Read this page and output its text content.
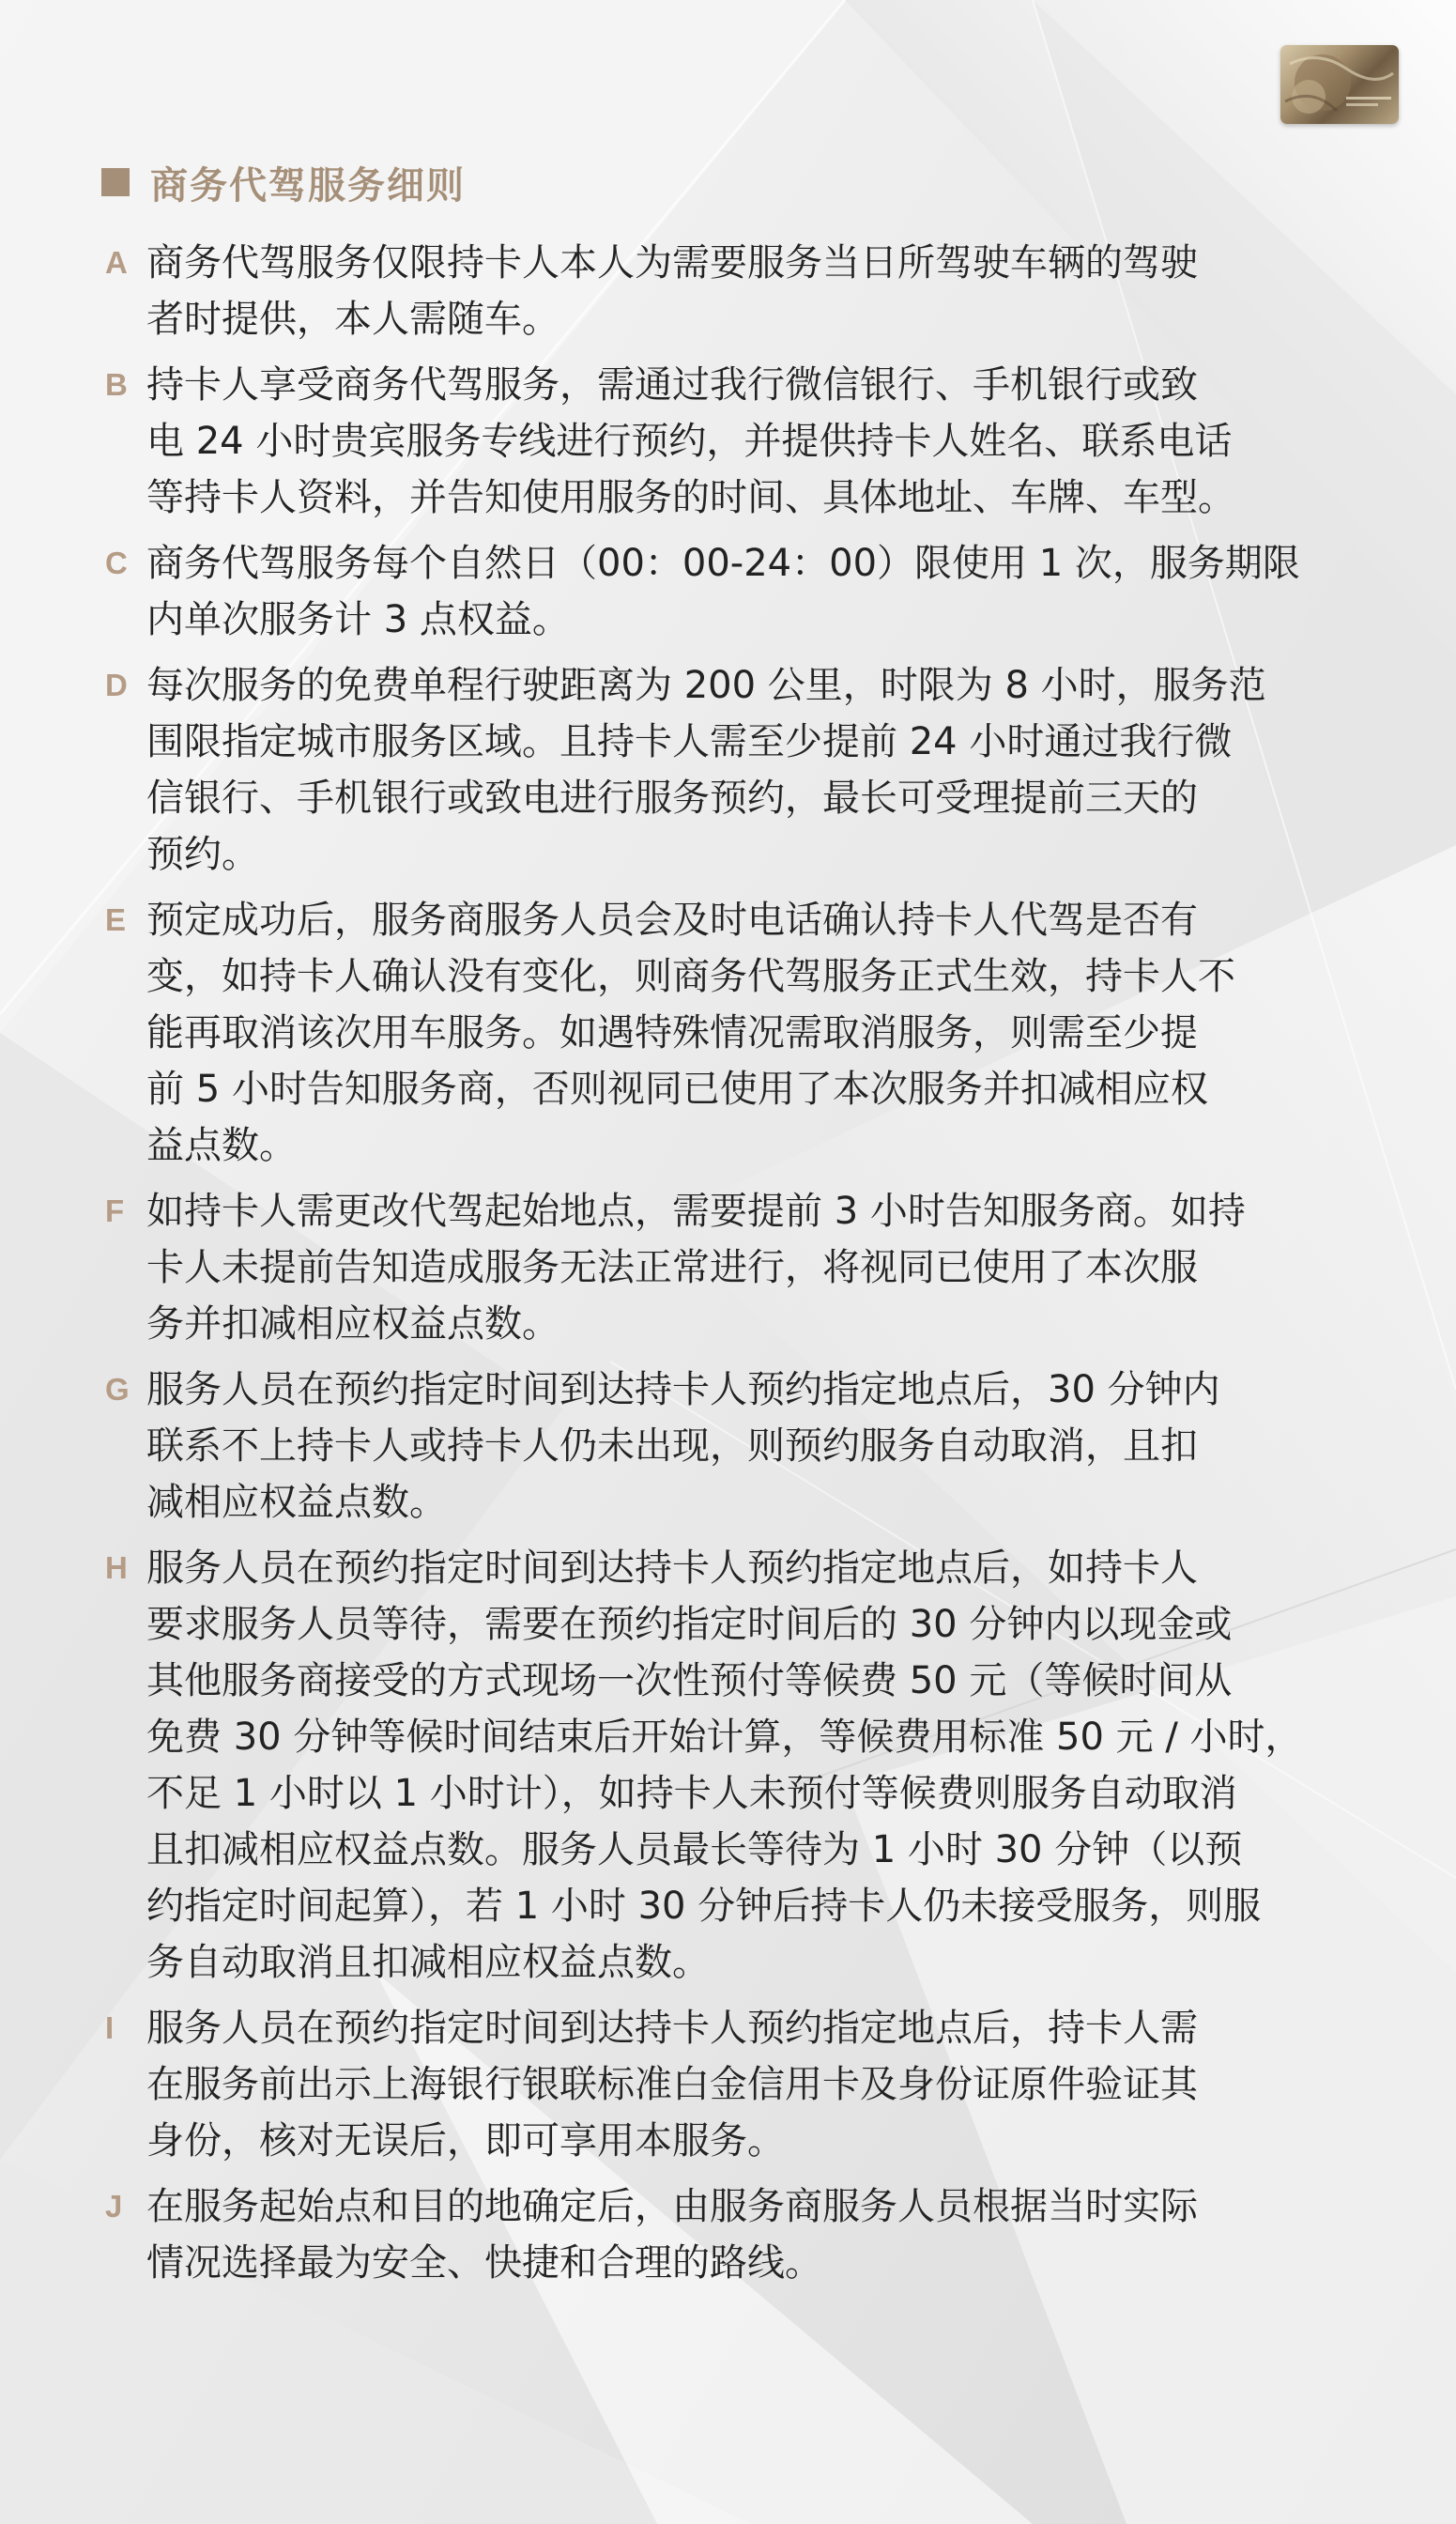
商务代驾服务细则
A 商务代驾服务仅限持卡人本人为需要服务当日所驾驶车辆的驾驶
者时提供，本人需随车。
B 持卡人享受商务代驾服务，需通过我行微信银行、手机银行或致
电 24 小时贵宾服务专线进行预约，并提供持卡人姓名、联系电话
等持卡人资料，并告知使用服务的时间、具体地址、车牌、车型。
C 商务代驾服务每个自然日（00：00-24：00）限使用 1 次，服务期限
内单次服务计 3 点权益。
D 每次服务的免费单程行驶距离为 200 公里，时限为 8 小时，服务范
围限指定城市服务区域。且持卡人需至少提前 24 小时通过我行微
信银行、手机银行或致电进行服务预约，最长可受理提前三天的
预约。
E 预定成功后，服务商服务人员会及时电话确认持卡人代驾是否有
变，如持卡人确认没有变化，则商务代驾服务正式生效，持卡人不
能再取消该次用车服务。如遇特殊情况需取消服务，则需至少提
前 5 小时告知服务商，否则视同已使用了本次服务并扣减相应权
益点数。
F 如持卡人需更改代驾起始地点，需要提前 3 小时告知服务商。如持
卡人未提前告知造成服务无法正常进行，将视同已使用了本次服
务并扣减相应权益点数。
G 服务人员在预约指定时间到达持卡人预约指定地点后，30 分钟内
联系不上持卡人或持卡人仍未出现，则预约服务自动取消，且扣
减相应权益点数。
H 服务人员在预约指定时间到达持卡人预约指定地点后，如持卡人
要求服务人员等待，需要在预约指定时间后的 30 分钟内以现金或
其他服务商接受的方式现场一次性预付等候费 50 元（等候时间从
免费 30 分钟等候时间结束后开始计算，等候费用标准 50 元 / 小时，
不足 1 小时以 1 小时计），如持卡人未预付等候费则服务自动取消
且扣减相应权益点数。服务人员最长等待为 1 小时 30 分钟（以预
约指定时间起算），若 1 小时 30 分钟后持卡人仍未接受服务，则服
务自动取消且扣减相应权益点数。
I 服务人员在预约指定时间到达持卡人预约指定地点后，持卡人需
在服务前出示上海银行银联标准白金信用卡及身份证原件验证其
身份，核对无误后，即可享用本服务。
J 在服务起始点和目的地确定后，由服务商服务人员根据当时实际
情况选择最为安全、快捷和合理的路线。
